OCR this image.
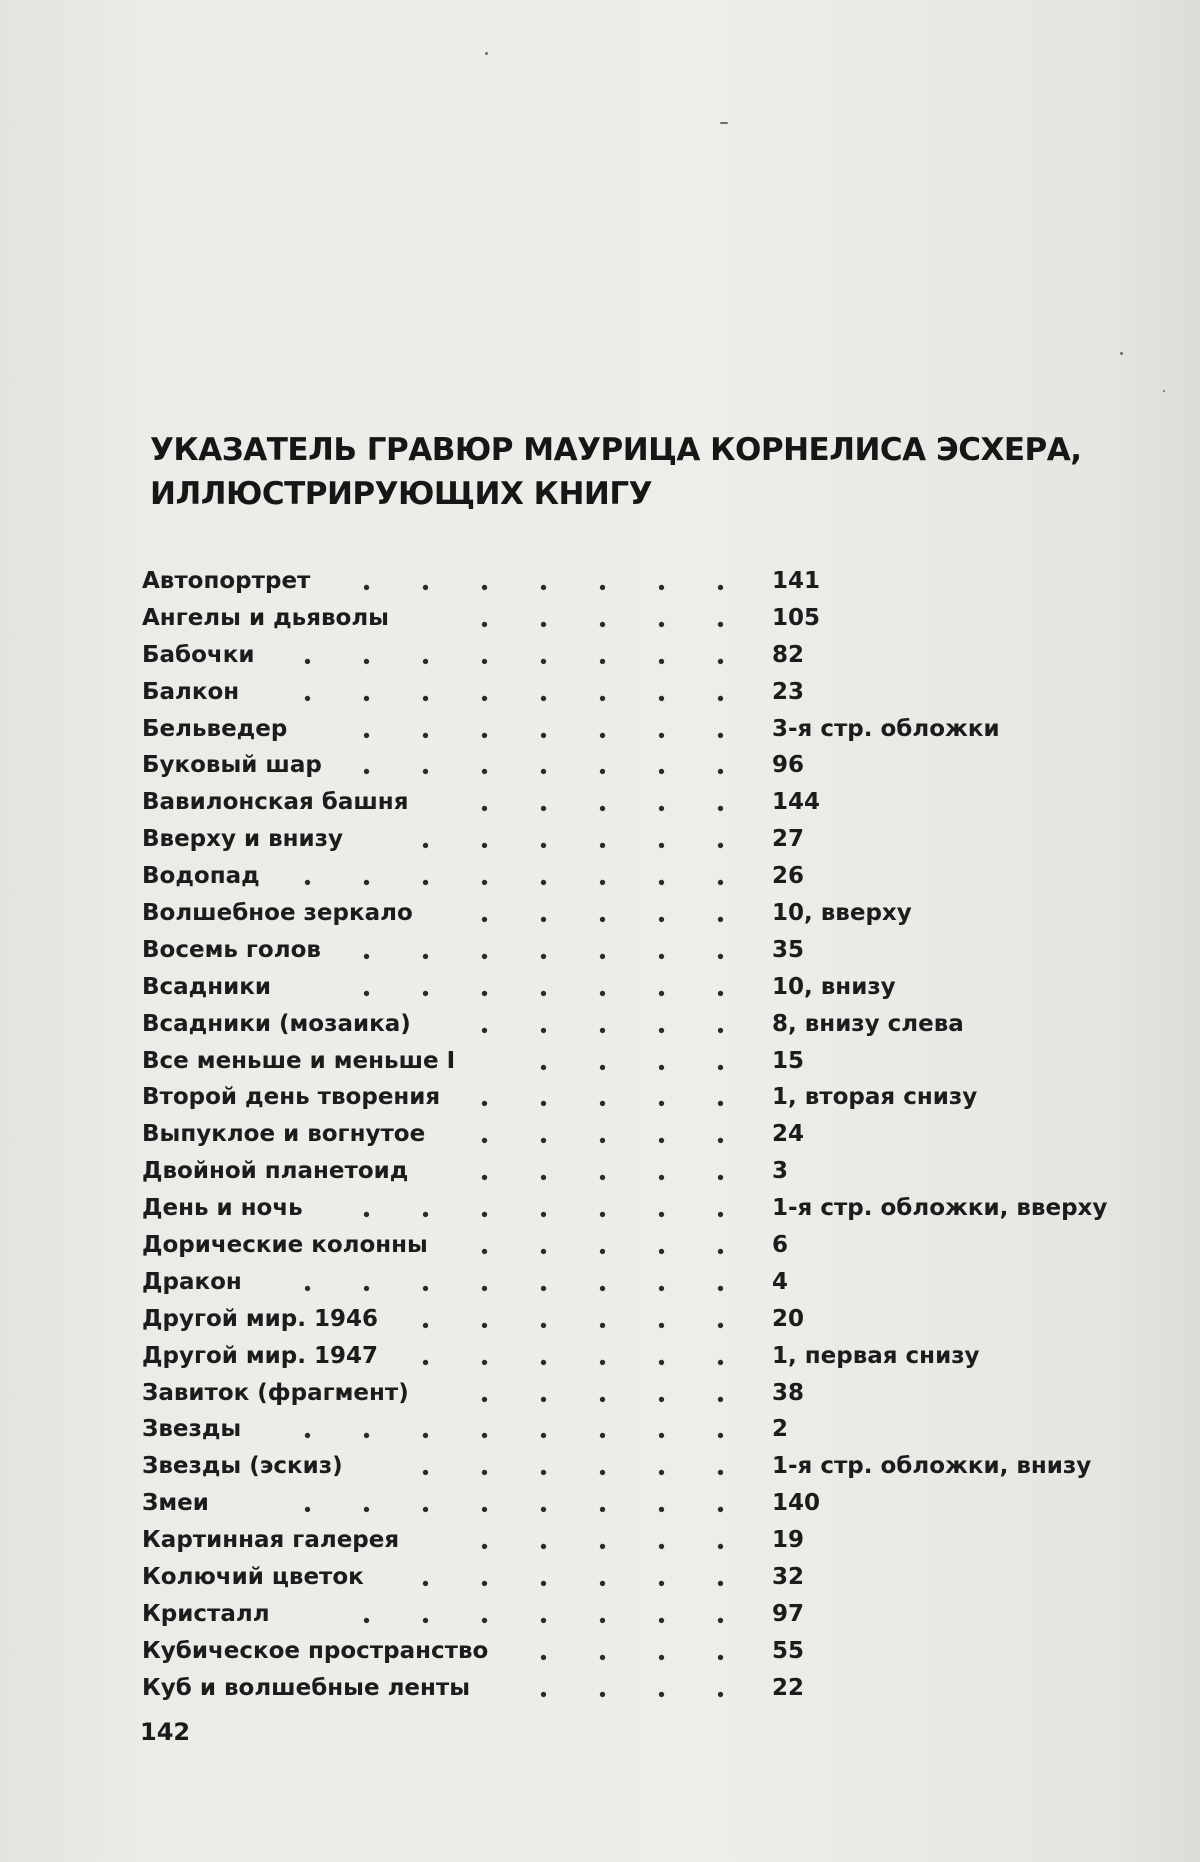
УКАЗАТЕЛЬ ГРАВЮР МАУРИЦА КОРНЕЛИСА ЭСХЕРА,
ИЛЛЮСТРИРУЮЩИХ КНИГУ
Автопортрет	141
Ангелы и дьяволы	105
Бабочки	82
Балкон	23
Бельведер	3-я стр. обложки
Буковый шар	96
Вавилонская башня	144
Вверху и внизу	27
Водопад	26
Волшебное зеркало	10, вверху
Восемь голов	35
Всадники	10, внизу
Всадники (мозаика)	8, внизу слева
Все меньше и меньше I	15
Второй день творения	1, вторая снизу
Выпуклое и вогнутое	24
Двойной планетоид	3
День и ночь	1-я стр. обложки, вверху
Дорические колонны	6
Дракон	4
Другой мир. 1946	20
Другой мир. 1947	1, первая снизу
Завиток (фрагмент)	38
Звезды	2
Звезды (эскиз)	1-я стр. обложки, внизу
Змеи	140
Картинная галерея	19
Колючий цветок	32
Кристалл	97
Кубическое пространство	55
Куб и волшебные ленты	22

142
